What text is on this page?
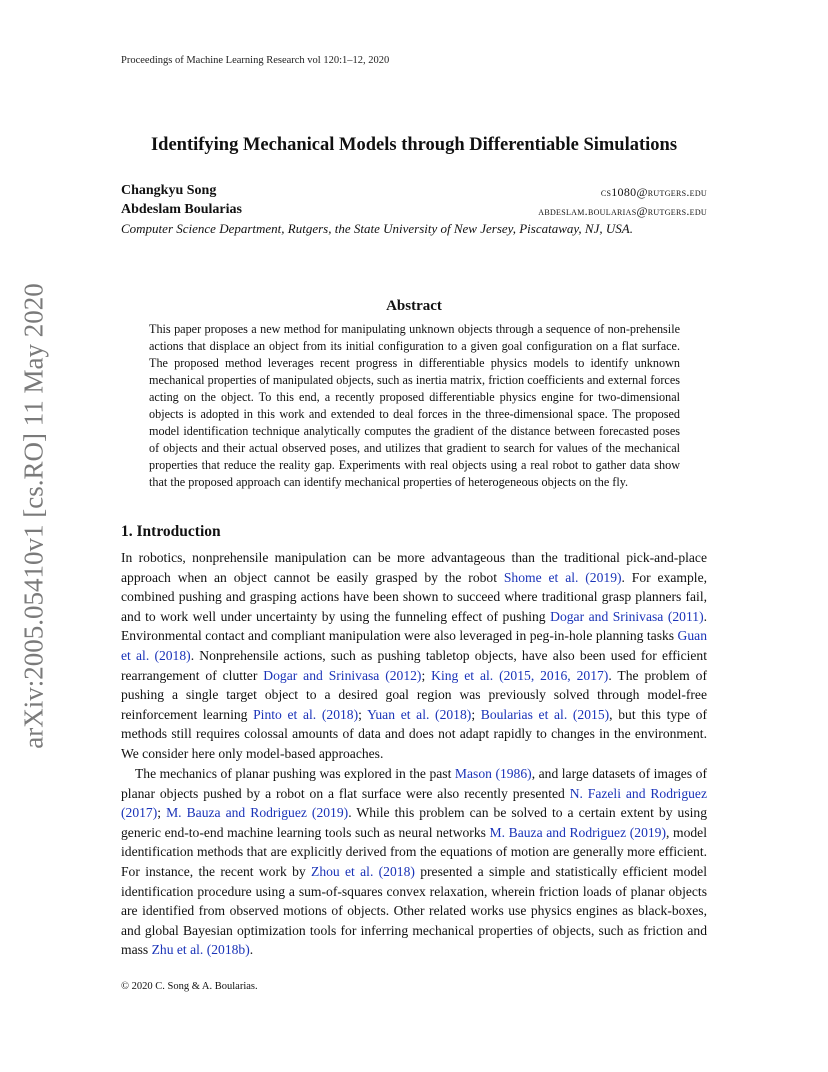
Proceedings of Machine Learning Research vol 120:1–12, 2020
Identifying Mechanical Models through Differentiable Simulations
Changkyu Song	cs1080@rutgers.edu
Abdeslam Boularias	abdeslam.boularias@rutgers.edu
Computer Science Department, Rutgers, the State University of New Jersey, Piscataway, NJ, USA.
arXiv:2005.05410v1 [cs.RO] 11 May 2020	Abstract
This paper proposes a new method for manipulating unknown objects through a sequence of non-prehensile actions that displace an object from its initial configuration to a given goal configuration on a flat surface. The proposed method leverages recent progress in differentiable physics models to identify unknown mechanical properties of manipulated objects, such as inertia matrix, friction coefficients and external forces acting on the object. To this end, a recently proposed differentiable physics engine for two-dimensional objects is adopted in this work and extended to deal forces in the three-dimensional space. The proposed model identification technique analytically computes the gradient of the distance between forecasted poses of objects and their actual observed poses, and utilizes that gradient to search for values of the mechanical properties that reduce the reality gap. Experiments with real objects using a real robot to gather data show that the proposed approach can identify mechanical properties of heterogeneous objects on the fly.
1. Introduction
In robotics, nonprehensile manipulation can be more advantageous than the traditional pick-and-place approach when an object cannot be easily grasped by the robot Shome et al. (2019). For example, combined pushing and grasping actions have been shown to succeed where traditional grasp planners fail, and to work well under uncertainty by using the funneling effect of pushing Dogar and Srinivasa (2011). Environmental contact and compliant manipulation were also leveraged in peg-in-hole planning tasks Guan et al. (2018). Nonprehensile actions, such as pushing tabletop objects, have also been used for efficient rearrangement of clutter Dogar and Srinivasa (2012); King et al. (2015, 2016, 2017). The problem of pushing a single target object to a desired goal region was previously solved through model-free reinforcement learning Pinto et al. (2018); Yuan et al. (2018); Boularias et al. (2015), but this type of methods still requires colossal amounts of data and does not adapt rapidly to changes in the environment. We consider here only model-based approaches.
The mechanics of planar pushing was explored in the past Mason (1986), and large datasets of images of planar objects pushed by a robot on a flat surface were also recently presented N. Fazeli and Rodriguez (2017); M. Bauza and Rodriguez (2019). While this problem can be solved to a certain extent by using generic end-to-end machine learning tools such as neural networks M. Bauza and Rodriguez (2019), model identification methods that are explicitly derived from the equations of motion are generally more efficient. For instance, the recent work by Zhou et al. (2018) presented a simple and statistically efficient model identification procedure using a sum-of-squares convex relaxation, wherein friction loads of planar objects are identified from observed motions of objects. Other related works use physics engines as black-boxes, and global Bayesian optimization tools for inferring mechanical properties of objects, such as friction and mass Zhu et al. (2018b).
© 2020 C. Song & A. Boularias.
